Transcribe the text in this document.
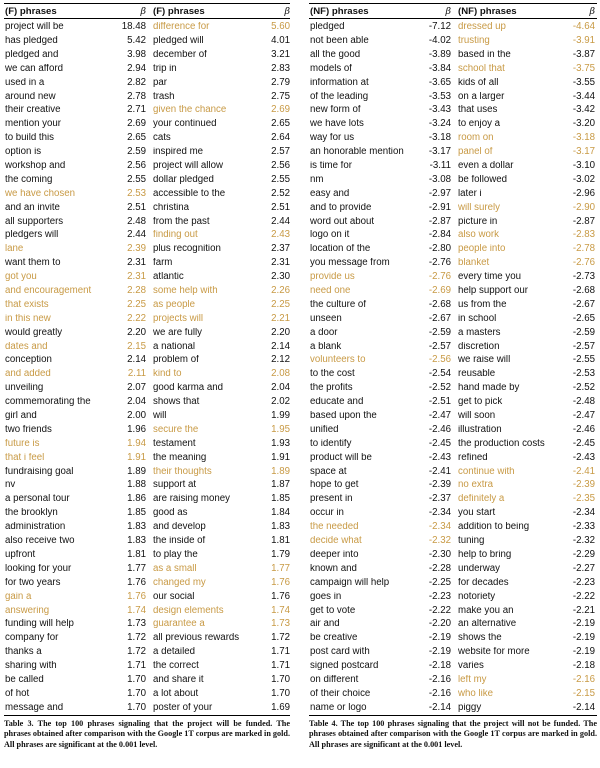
(F) phrases	β (F) phrases	β
project will be	18.48 difference for	5.60
has pledged	5.42 pledged will	4.01
pledged and	3.98 december of	3.21
we can afford	2.94 trip in	2.83
used in a	2.82 par	2.79
around new	2.78 trash	2.75
their creative	2.71 given the chance	2.69
mention your	2.69 your continued	2.65
to build this	2.65 cats	2.64
option is	2.59 inspired me	2.57
workshop and	2.56 project will allow	2.56
the coming	2.55 dollar pledged	2.55
we have chosen	2.53 accessible to the	2.52
and an invite	2.51 christina	2.51
all supporters	2.48 from the past	2.44
pledgers will	2.44 finding out	2.43
lane	2.39 plus recognition	2.37
want them to	2.31 farm	2.31
got you	2.31 atlantic	2.30
and encouragement	2.28 some help with	2.26
that exists	2.25 as people	2.25
in this new	2.22 projects will	2.21
would greatly	2.20 we are fully	2.20
dates and	2.15 a national	2.14
conception	2.14 problem of	2.12
and added	2.11 kind to	2.08
unveiling	2.07 good karma and	2.04
commemorating the	2.04 shows that	2.02
girl and	2.00 will	1.99
two friends	1.96 secure the	1.95
future is	1.94 testament	1.93
that i feel	1.91 the meaning	1.91
fundraising goal	1.89 their thoughts	1.89
nv	1.88 support at	1.87
a personal tour	1.86 are raising money	1.85
the brooklyn	1.85 good as	1.84
administration	1.83 and develop	1.83
also receive two	1.83 the inside of	1.81
upfront	1.81 to play the	1.79
looking for your	1.77 as a small	1.77
for two years	1.76 changed my	1.76
gain a	1.76 our social	1.76
answering	1.74 design elements	1.74
funding will help	1.73 guarantee a	1.73
company for	1.72 all previous rewards	1.72
thanks a	1.72 a detailed	1.71
sharing with	1.71 the correct	1.71
be called	1.70 and share it	1.70
of hot	1.70 a lot about	1.70
message and	1.70 poster of your	1.69
(NF) phrases	β (NF) phrases	β
pledged	-7.12 dressed up	-4.64
not been able	-4.02 trusting	-3.91
all the good	-3.89 based in the	-3.87
models of	-3.84 school that	-3.75
information at	-3.65 kids of all	-3.55
of the leading	-3.53 on a larger	-3.44
new form of	-3.43 that uses	-3.42
we have lots	-3.24 to enjoy a	-3.20
way for us	-3.18 room on	-3.18
an honorable mention	-3.17 panel of	-3.17
is time for	-3.11 even a dollar	-3.10
nm	-3.08 be followed	-3.02
easy and	-2.97 later i	-2.96
and to provide	-2.91 will surely	-2.90
word out about	-2.87 picture in	-2.87
logo on it	-2.84 also work	-2.83
location of the	-2.80 people into	-2.78
you message from	-2.76 blanket	-2.76
provide us	-2.76 every time you	-2.73
need one	-2.69 help support our	-2.68
the culture of	-2.68 us from the	-2.67
unseen	-2.67 in school	-2.65
a door	-2.59 a masters	-2.59
a blank	-2.57 discretion	-2.57
volunteers to	-2.56 we raise will	-2.55
to the cost	-2.54 reusable	-2.53
the profits	-2.52 hand made by	-2.52
educate and	-2.51 get to pick	-2.48
based upon the	-2.47 will soon	-2.47
unified	-2.46 illustration	-2.46
to identify	-2.45 the production costs	-2.45
product will be	-2.43 refined	-2.43
space at	-2.41 continue with	-2.41
hope to get	-2.39 no extra	-2.39
present in	-2.37 definitely a	-2.35
occur in	-2.34 you start	-2.34
the needed	-2.34 addition to being	-2.33
decide what	-2.32 tuning	-2.32
deeper into	-2.30 help to bring	-2.29
known and	-2.28 underway	-2.27
campaign will help	-2.25 for decades	-2.23
goes in	-2.23 notoriety	-2.22
get to vote	-2.22 make you an	-2.21
air and	-2.20 an alternative	-2.19
be creative	-2.19 shows the	-2.19
post card with	-2.19 website for more	-2.19
signed postcard	-2.18 varies	-2.18
on different	-2.16 left my	-2.16
of their choice	-2.16 who like	-2.15
name or logo	-2.14 piggy	-2.14
Table 3. The top 100 phrases signaling that the project will be funded. The phrases obtained after comparison with the Google 1T corpus are marked in gold. All phrases are significant at the 0.001 level.
Table 4. The top 100 phrases signaling that the project will not be funded. The phrases obtained after comparison with the Google 1T corpus are marked in gold. All phrases are significant at the 0.001 level.
